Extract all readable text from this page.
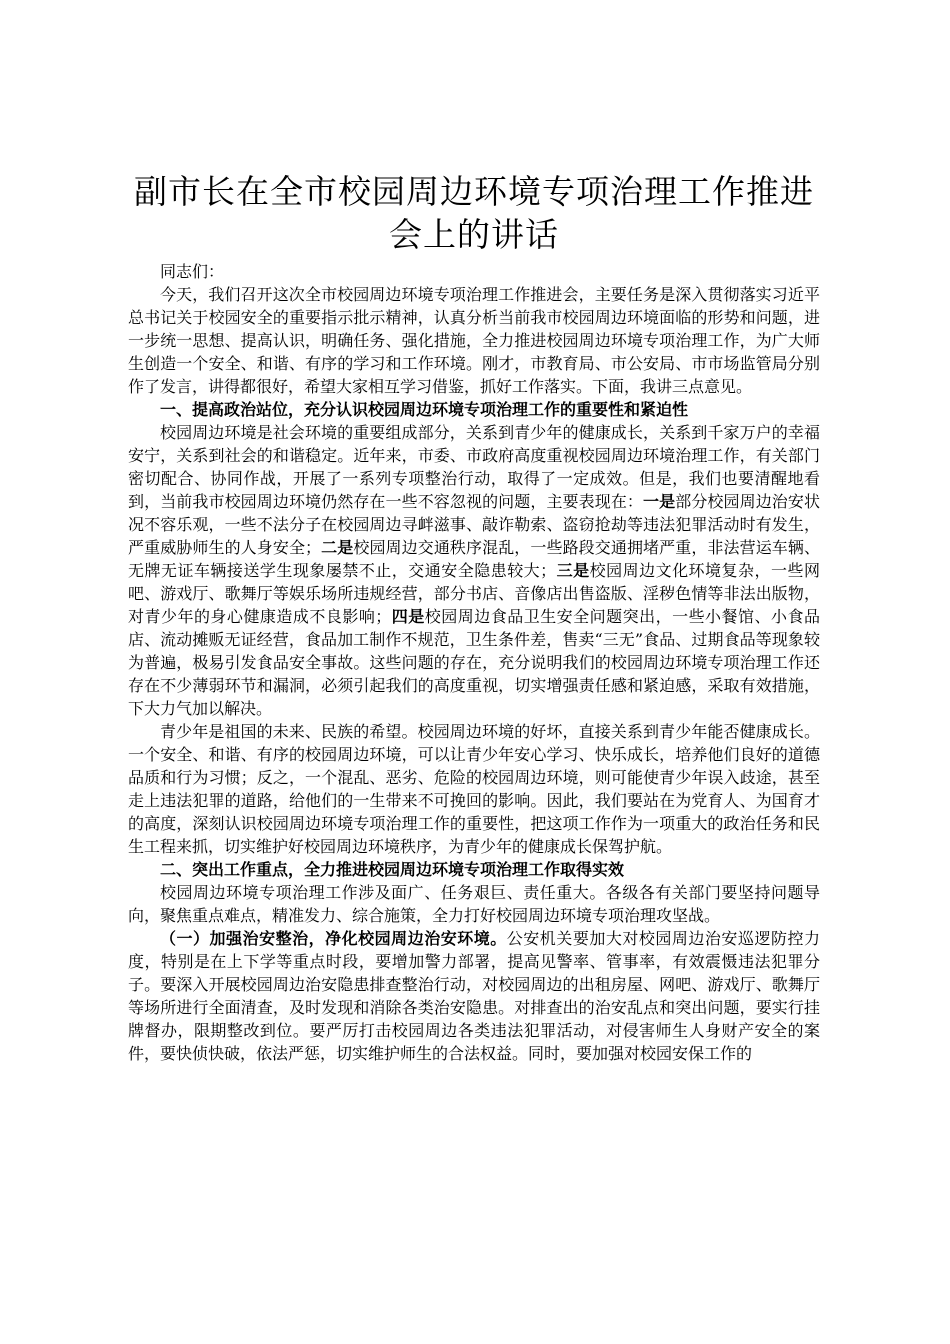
副市长在全市校园周边环境专项治理工作推进会上的讲话

同志们：

今天，我们召开这次全市校园周边环境专项治理工作推进会，主要任务是深入贯彻落实习近平总书记关于校园安全的重要指示批示精神，认真分析当前我市校园周边环境面临的形势和问题，进一步统一思想、提高认识，明确任务、强化措施，全力推进校园周边环境专项治理工作，为广大师生创造一个安全、和谐、有序的学习和工作环境。刚才，市教育局、市公安局、市市场监管局分别作了发言，讲得都很好，希望大家相互学习借鉴，抓好工作落实。下面，我讲三点意见。

一、提高政治站位，充分认识校园周边环境专项治理工作的重要性和紧迫性

校园周边环境是社会环境的重要组成部分，关系到青少年的健康成长，关系到千家万户的幸福安宁，关系到社会的和谐稳定。近年来，市委、市政府高度重视校园周边环境治理工作，有关部门密切配合、协同作战，开展了一系列专项整治行动，取得了一定成效。但是，我们也要清醒地看到，当前我市校园周边环境仍然存在一些不容忽视的问题，主要表现在：一是部分校园周边治安状况不容乐观，一些不法分子在校园周边寻衅滋事、敲诈勒索、盗窃抢劫等违法犯罪活动时有发生，严重威胁师生的人身安全；二是校园周边交通秩序混乱，一些路段交通拥堵严重，非法营运车辆、无牌无证车辆接送学生现象屡禁不止，交通安全隐患较大；三是校园周边文化环境复杂，一些网吧、游戏厅、歌舞厅等娱乐场所违规经营，部分书店、音像店出售盗版、淫秽色情等非法出版物，对青少年的身心健康造成不良影响；四是校园周边食品卫生安全问题突出，一些小餐馆、小食品店、流动摊贩无证经营，食品加工制作不规范，卫生条件差，售卖“三无”食品、过期食品等现象较为普遍，极易引发食品安全事故。这些问题的存在，充分说明我们的校园周边环境专项治理工作还存在不少薄弱环节和漏洞，必须引起我们的高度重视，切实增强责任感和紧迫感，采取有效措施，下大力气加以解决。

青少年是祖国的未来、民族的希望。校园周边环境的好坏，直接关系到青少年能否健康成长。一个安全、和谐、有序的校园周边环境，可以让青少年安心学习、快乐成长，培养他们良好的道德品质和行为习惯；反之，一个混乱、恶劣、危险的校园周边环境，则可能使青少年误入歧途，甚至走上违法犯罪的道路，给他们的一生带来不可挽回的影响。因此，我们要站在为党育人、为国育才的高度，深刻认识校园周边环境专项治理工作的重要性，把这项工作作为一项重大的政治任务和民生工程来抓，切实维护好校园周边环境秩序，为青少年的健康成长保驾护航。

二、突出工作重点，全力推进校园周边环境专项治理工作取得实效

校园周边环境专项治理工作涉及面广、任务艰巨、责任重大。各级各有关部门要坚持问题导向，聚焦重点难点，精准发力、综合施策，全力打好校园周边环境专项治理攻坚战。

（一）加强治安整治，净化校园周边治安环境。公安机关要加大对校园周边治安巡逻防控力度，特别是在上下学等重点时段，要增加警力部署，提高见警率、管事率，有效震慑违法犯罪分子。要深入开展校园周边治安隐患排查整治行动，对校园周边的出租房屋、网吧、游戏厅、歌舞厅等场所进行全面清查，及时发现和消除各类治安隐患。对排查出的治安乱点和突出问题，要实行挂牌督办，限期整改到位。要严厉打击校园周边各类违法犯罪活动，对侵害师生人身财产安全的案件，要快侦快破，依法严惩，切实维护师生的合法权益。同时，要加强对校园安保工作的
